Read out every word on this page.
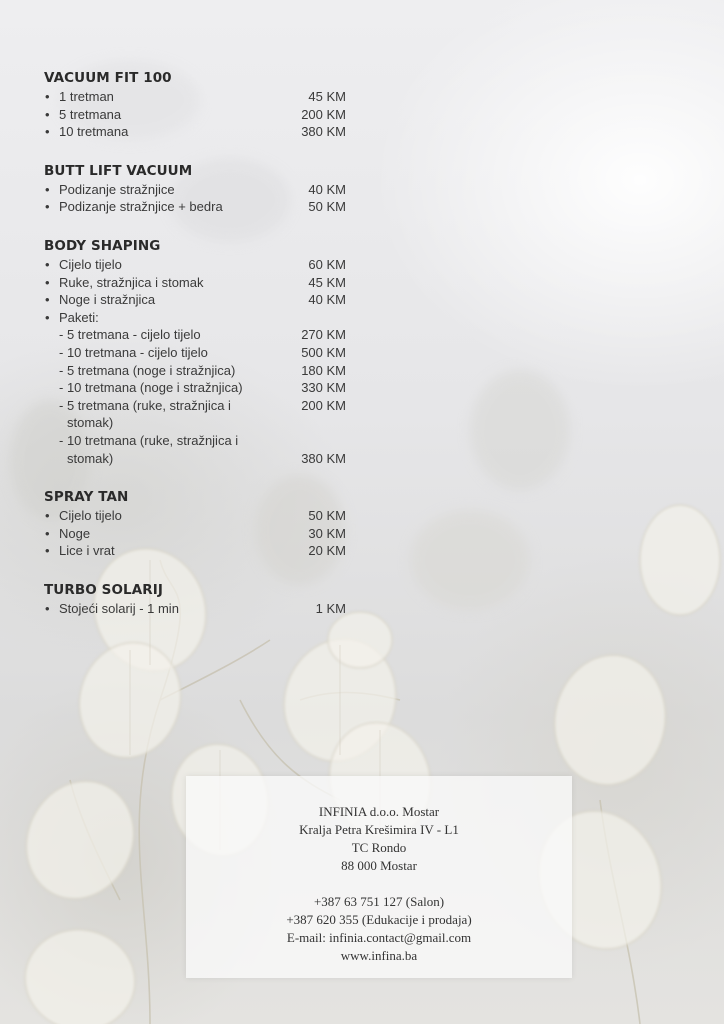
VACUUM FIT 100
• 1 tretman	45 KM
• 5 tretmana	200 KM
• 10 tretmana	380 KM
BUTT LIFT VACUUM
• Podizanje stražnjice	40 KM
• Podizanje stražnjice + bedra	50 KM
BODY SHAPING
• Cijelo tijelo	60 KM
• Ruke, stražnjica i stomak	45 KM
• Noge i stražnjica	40 KM
• Paketi:
- 5 tretmana - cijelo tijelo	270 KM
- 10 tretmana - cijelo tijelo	500 KM
- 5 tretmana (noge i stražnjica)	180 KM
- 10 tretmana (noge i stražnjica)	330 KM
- 5 tretmana (ruke, stražnjica i
stomak)
200 KM
- 10 tretmana (ruke, stražnjica i
stomak)	380 KM
SPRAY TAN
• Cijelo tijelo	50 KM
• Noge	30 KM
• Lice i vrat	20 KM
TURBO SOLARIJ
• Stojeći solarij - 1 min	1 KM
INFINIA d.o.o. Mostar
Kralja Petra Krešimira IV - L1
TC Rondo
88 000 Mostar
+387 63 751 127 (Salon)
+387 620 355 (Edukacije i prodaja)
E-mail: infinia.contact@gmail.com
www.infina.ba
